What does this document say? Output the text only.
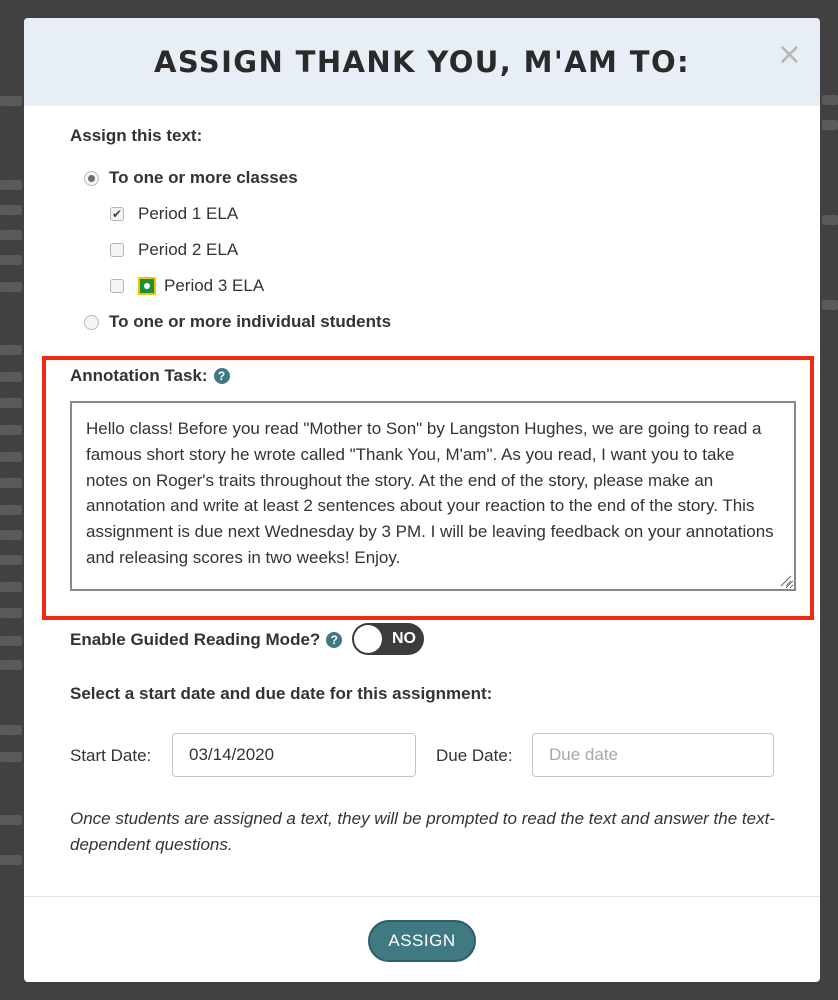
ASSIGN THANK YOU, M'AM TO:	×
Assign this text:
To one or more classes
✔ Period 1 ELA
Period 2 ELA
Period 3 ELA
To one or more individual students
Annotation Task: ?
Hello class! Before you read "Mother to Son" by Langston Hughes, we are going to read a famous short story he wrote called "Thank You, M'am". As you read, I want you to take notes on Roger's traits throughout the story. At the end of the story, please make an annotation and write at least 2 sentences about your reaction to the end of the story. This assignment is due next Wednesday by 3 PM. I will be leaving feedback on your annotations and releasing scores in two weeks! Enjoy.
Enable Guided Reading Mode? ?	NO
Select a start date and due date for this assignment:
Start Date:
03/14/2020	Due Date:
Due date

Once students are assigned a text, they will be prompted to read the text and answer the text-dependent questions.

ASSIGN
